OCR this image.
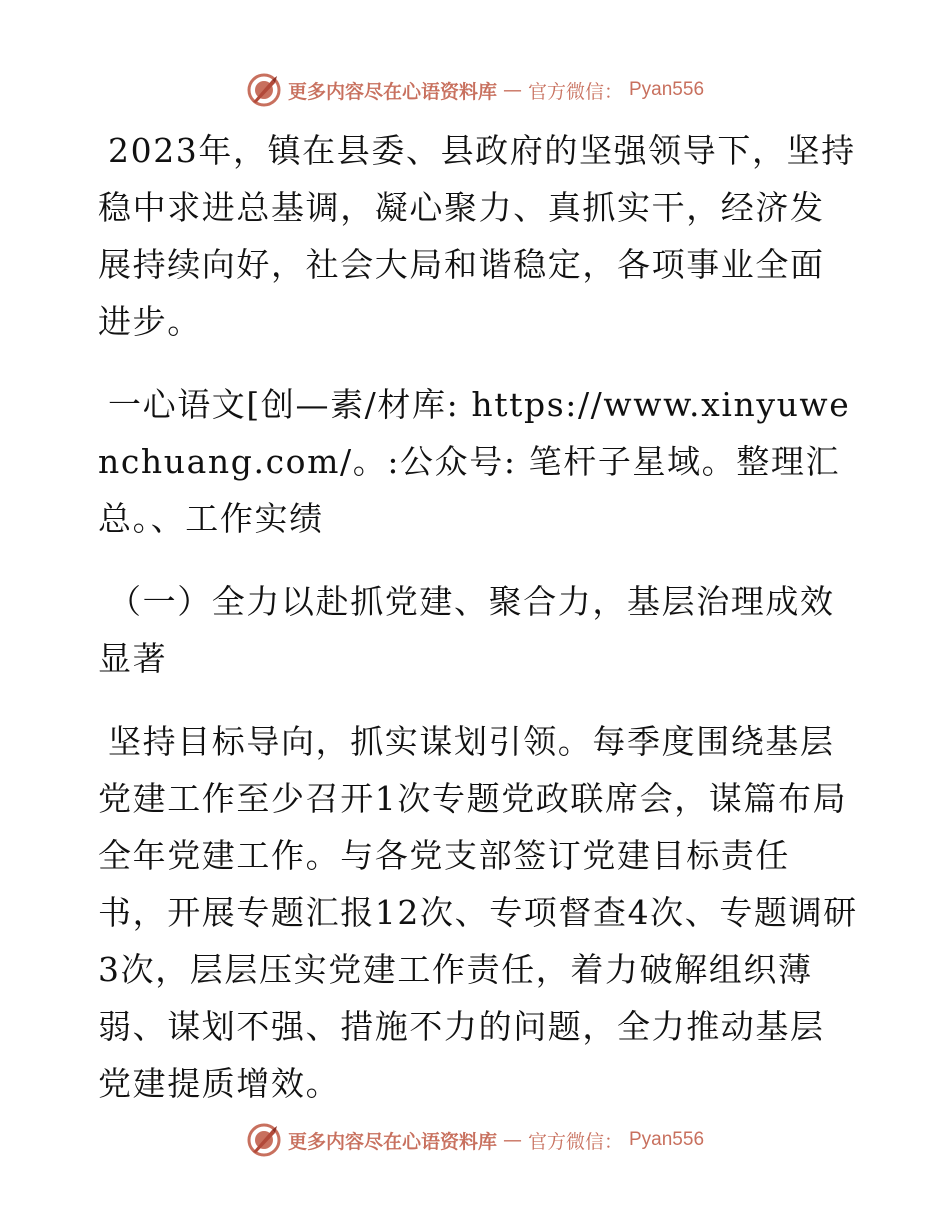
更多内容尽在心语资料库 — 官方微信： Pyan556

2023年，镇在县委、县政府的坚强领导下，坚持稳中求进总基调，凝心聚力、真抓实干，经济发展持续向好，社会大局和谐稳定，各项事业全面进步。

一心语文[创—素/材库: https://www.xinyuwenchuang.com/。:公众号: 笔杆子星域。整理汇总。、工作实绩

（一）全力以赴抓党建、聚合力，基层治理成效显著

坚持目标导向，抓实谋划引领。每季度围绕基层党建工作至少召开1次专题党政联席会，谋篇布局全年党建工作。与各党支部签订党建目标责任书，开展专题汇报12次、专项督查4次、专题调研3次，层层压实党建工作责任，着力破解组织薄弱、谋划不强、措施不力的问题，全力推动基层党建提质增效。

更多内容尽在心语资料库 — 官方微信： Pyan556
